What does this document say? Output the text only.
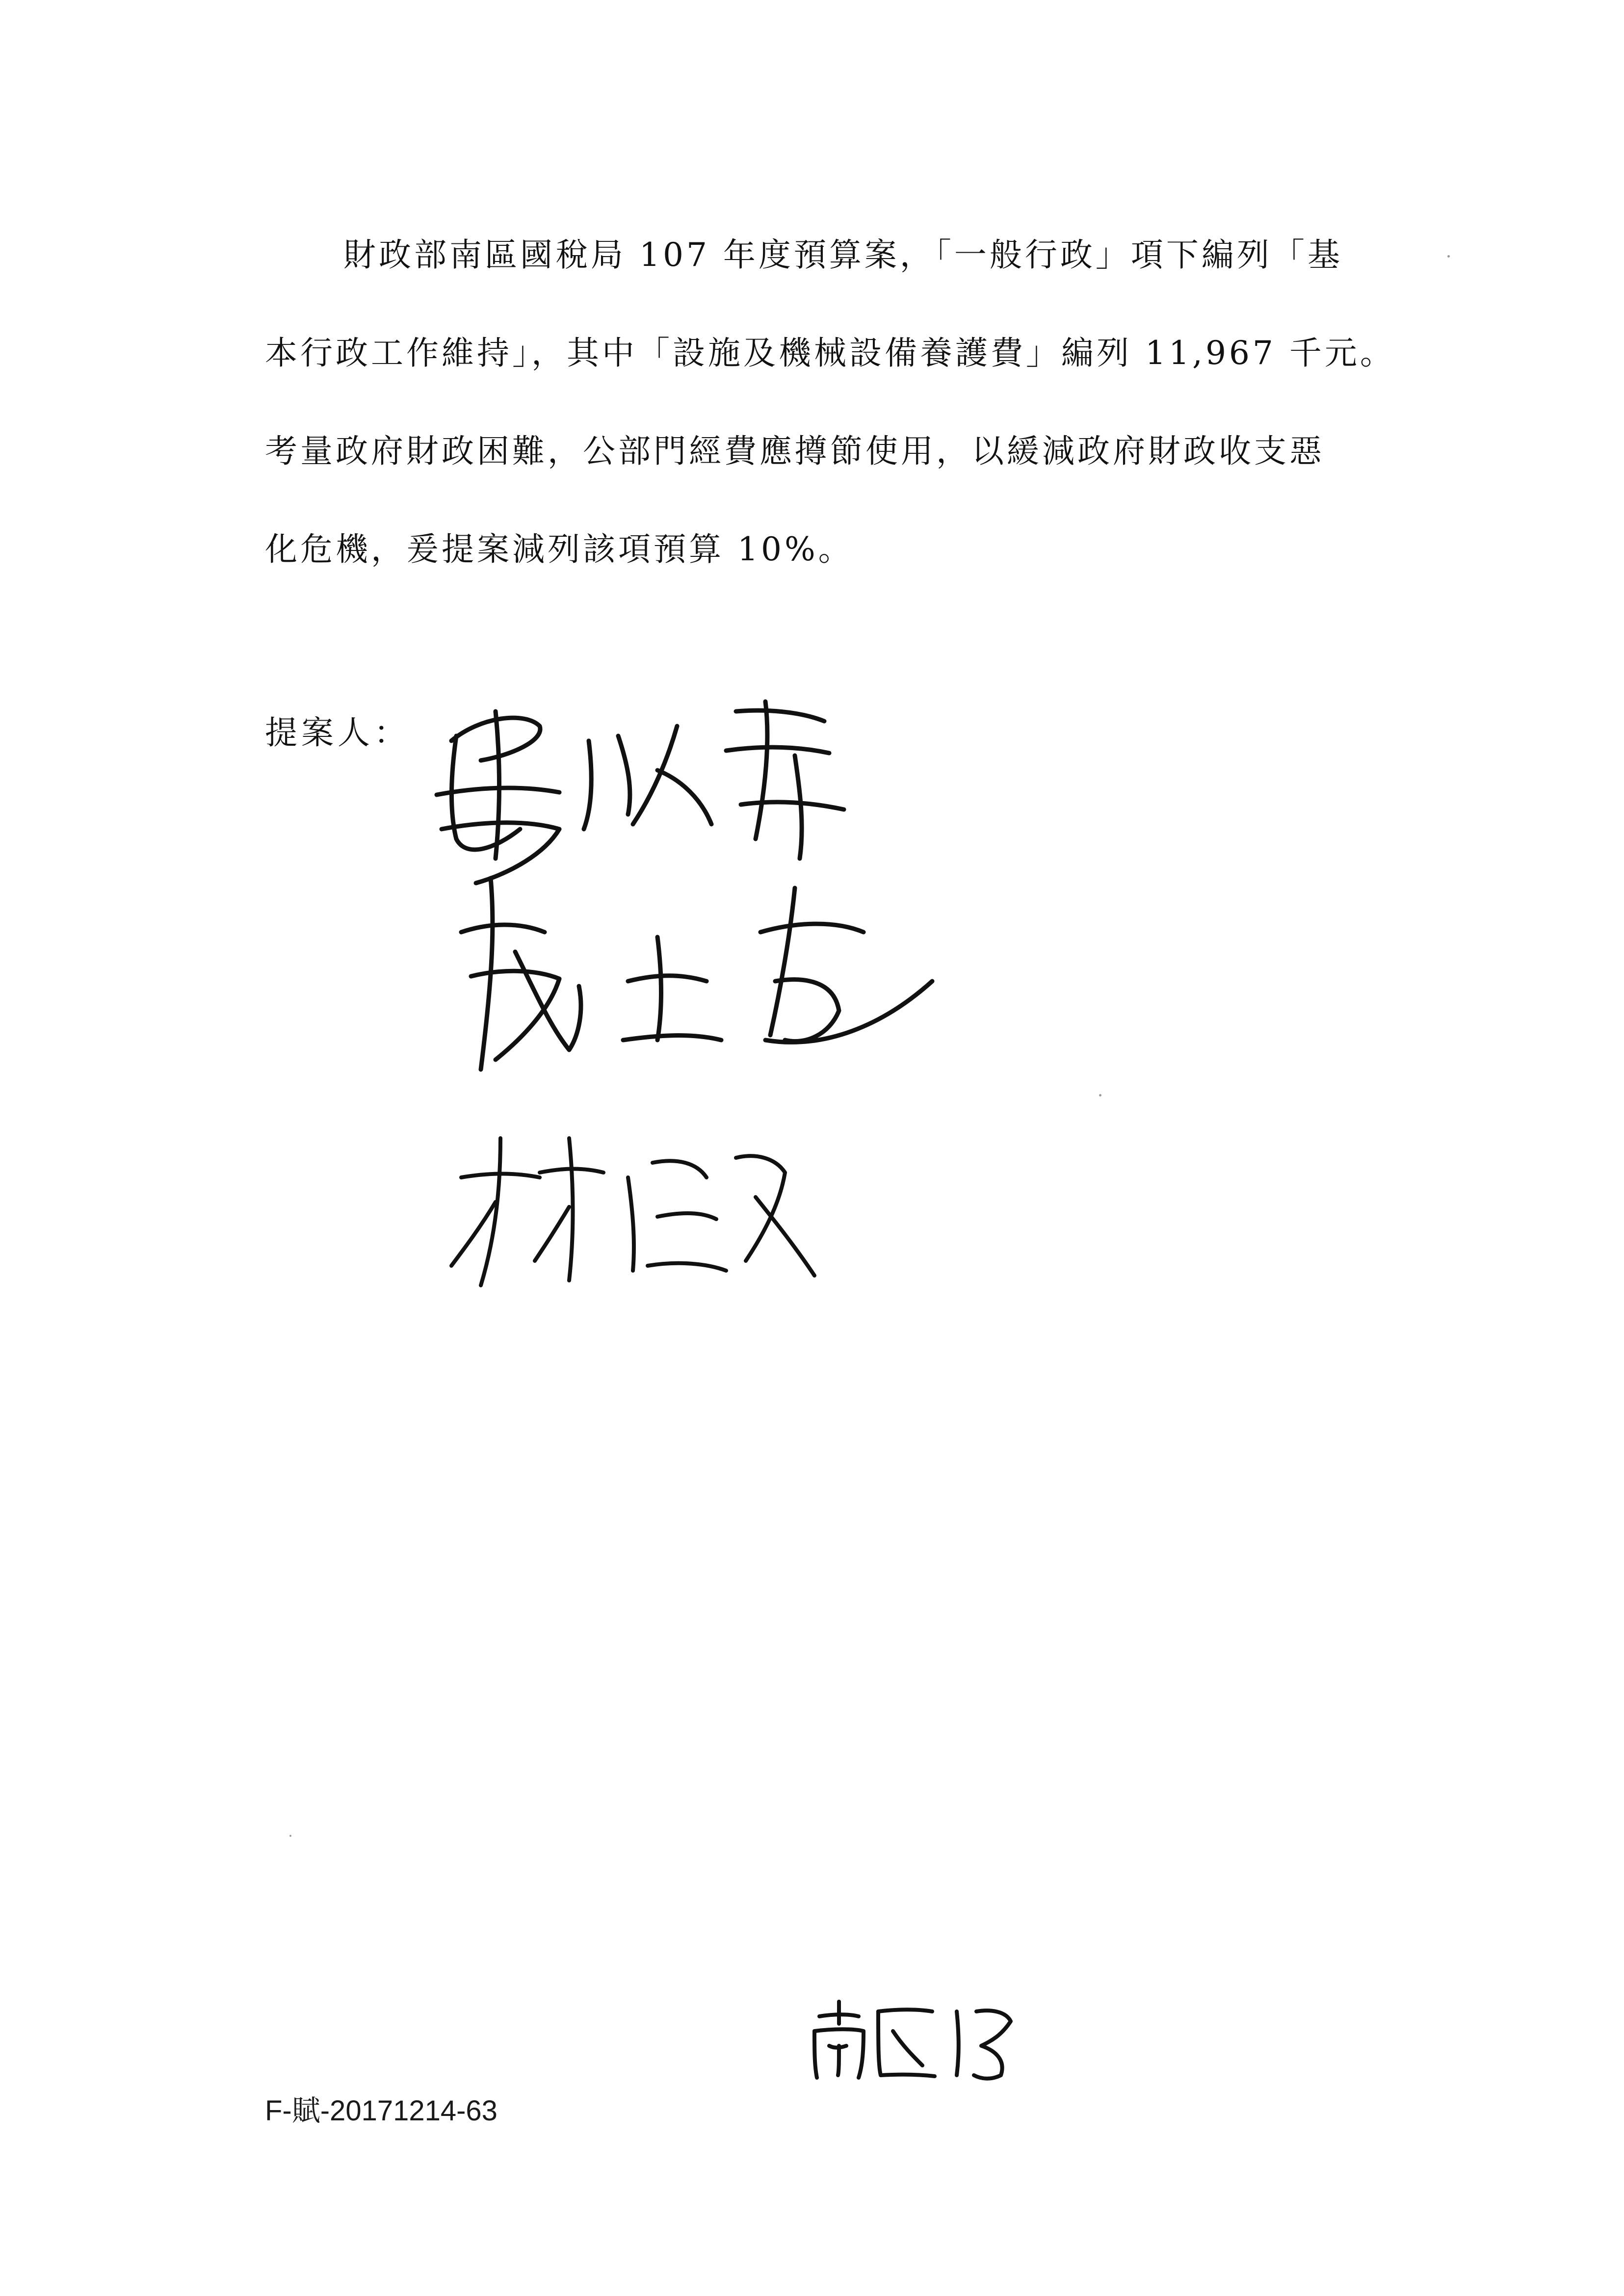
財政部南區國稅局 107 年度預算案，「一般行政」項下編列「基
本行政工作維持」，其中「設施及機械設備養護費」編列 11,967 千元。
考量政府財政困難，公部門經費應撙節使用，以緩減政府財政收支惡
化危機，爰提案減列該項預算 10%。
提案人：
F-賦-20171214-63
